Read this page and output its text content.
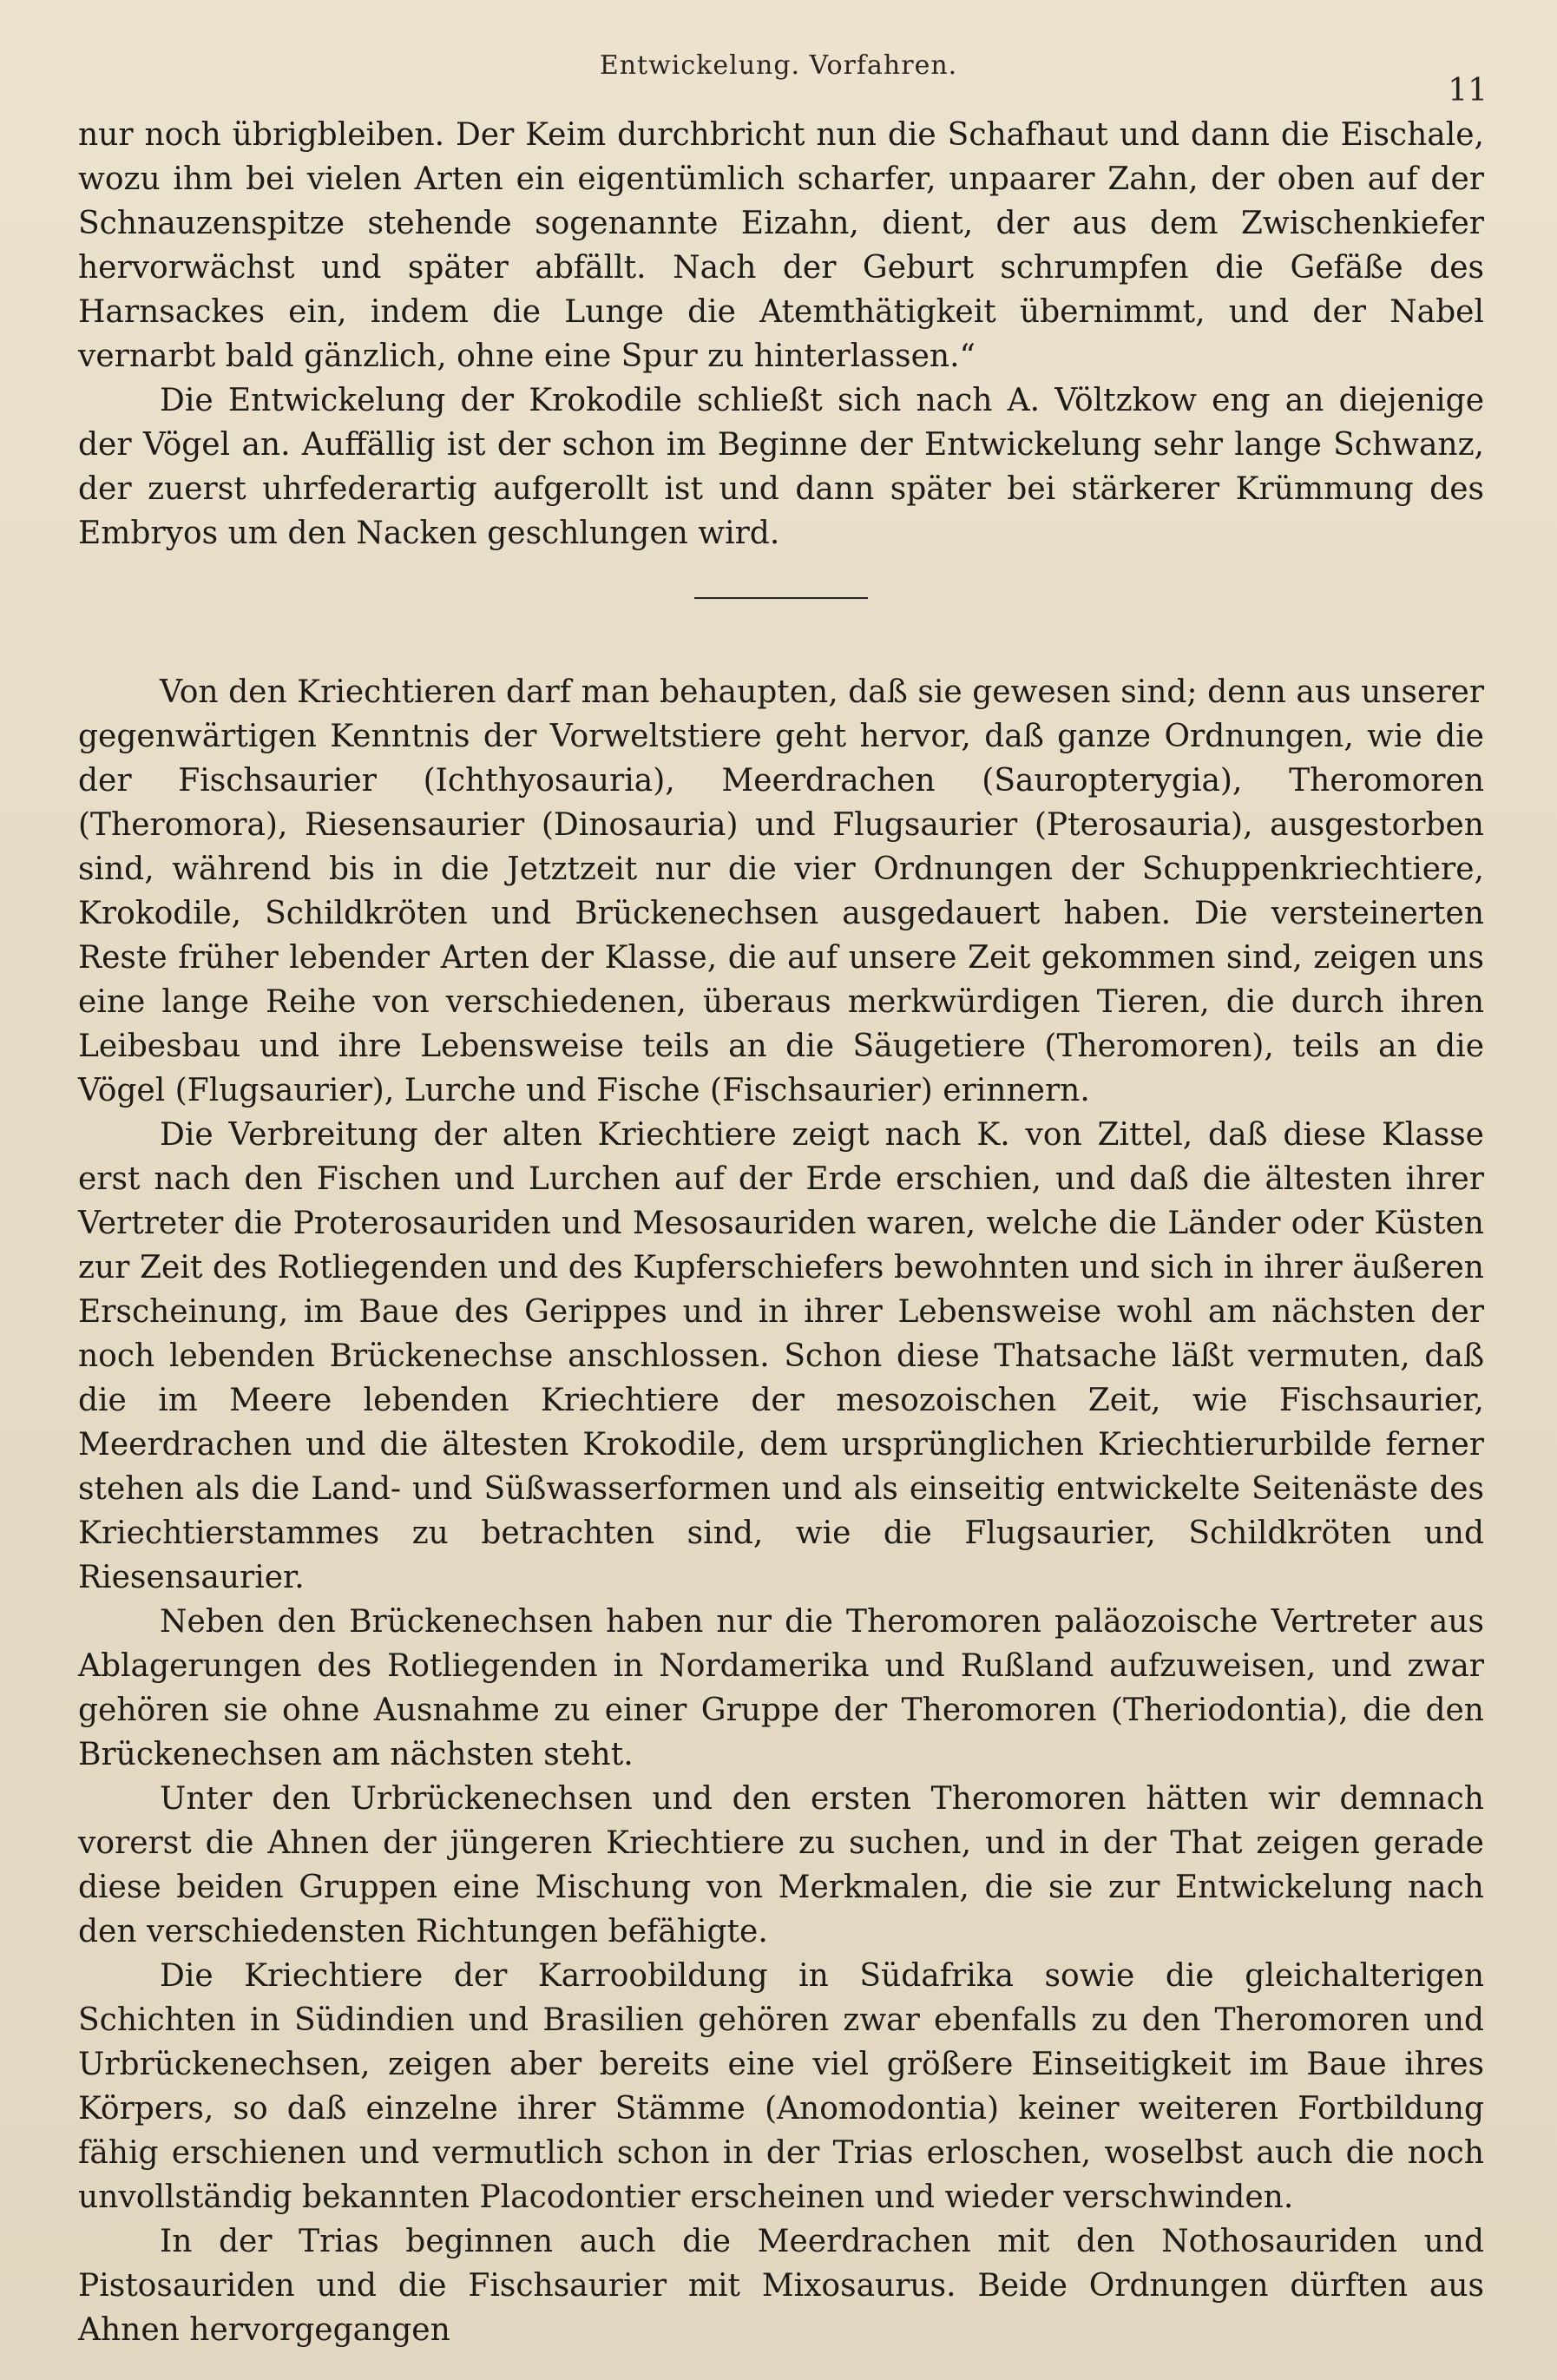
Entwickelung. Vorfahren.
11

nur noch übrigbleiben. Der Keim durchbricht nun die Schafhaut und dann die Eischale, wozu ihm bei vielen Arten ein eigentümlich scharfer, unpaarer Zahn, der oben auf der Schnauzenspitze stehende sogenannte Eizahn, dient, der aus dem Zwischenkiefer hervorwächst und später abfällt. Nach der Geburt schrumpfen die Gefäße des Harnsackes ein, indem die Lunge die Atemthätigkeit übernimmt, und der Nabel vernarbt bald gänzlich, ohne eine Spur zu hinterlassen.“

Die Entwickelung der Krokodile schließt sich nach A. Völtzkow eng an diejenige der Vögel an. Auffällig ist der schon im Beginne der Entwickelung sehr lange Schwanz, der zuerst uhrfederartig aufgerollt ist und dann später bei stärkerer Krümmung des Embryos um den Nacken geschlungen wird.

Von den Kriechtieren darf man behaupten, daß sie gewesen sind; denn aus unserer gegenwärtigen Kenntnis der Vorweltstiere geht hervor, daß ganze Ordnungen, wie die der Fischsaurier (Ichthyosauria), Meerdrachen (Sauropterygia), Theromoren (Theromora), Riesensaurier (Dinosauria) und Flugsaurier (Pterosauria), ausgestorben sind, während bis in die Jetztzeit nur die vier Ordnungen der Schuppenkriechtiere, Krokodile, Schildkröten und Brückenechsen ausgedauert haben. Die versteinerten Reste früher lebender Arten der Klasse, die auf unsere Zeit gekommen sind, zeigen uns eine lange Reihe von verschiedenen, überaus merkwürdigen Tieren, die durch ihren Leibesbau und ihre Lebensweise teils an die Säugetiere (Theromoren), teils an die Vögel (Flugsaurier), Lurche und Fische (Fischsaurier) erinnern.

Die Verbreitung der alten Kriechtiere zeigt nach K. von Zittel, daß diese Klasse erst nach den Fischen und Lurchen auf der Erde erschien, und daß die ältesten ihrer Vertreter die Proterosauriden und Mesosauriden waren, welche die Länder oder Küsten zur Zeit des Rotliegenden und des Kupferschiefers bewohnten und sich in ihrer äußeren Erscheinung, im Baue des Gerippes und in ihrer Lebensweise wohl am nächsten der noch lebenden Brückenechse anschlossen. Schon diese Thatsache läßt vermuten, daß die im Meere lebenden Kriechtiere der mesozoischen Zeit, wie Fischsaurier, Meerdrachen und die ältesten Krokodile, dem ursprünglichen Kriechtierurbilde ferner stehen als die Land- und Süßwasserformen und als einseitig entwickelte Seitenäste des Kriechtierstammes zu betrachten sind, wie die Flugsaurier, Schildkröten und Riesensaurier.

Neben den Brückenechsen haben nur die Theromoren paläozoische Vertreter aus Ablagerungen des Rotliegenden in Nordamerika und Rußland aufzuweisen, und zwar gehören sie ohne Ausnahme zu einer Gruppe der Theromoren (Theriodontia), die den Brückenechsen am nächsten steht.

Unter den Urbrückenechsen und den ersten Theromoren hätten wir demnach vorerst die Ahnen der jüngeren Kriechtiere zu suchen, und in der That zeigen gerade diese beiden Gruppen eine Mischung von Merkmalen, die sie zur Entwickelung nach den verschiedensten Richtungen befähigte.

Die Kriechtiere der Karroobildung in Südafrika sowie die gleichalterigen Schichten in Südindien und Brasilien gehören zwar ebenfalls zu den Theromoren und Urbrückenechsen, zeigen aber bereits eine viel größere Einseitigkeit im Baue ihres Körpers, so daß einzelne ihrer Stämme (Anomodontia) keiner weiteren Fortbildung fähig erschienen und vermutlich schon in der Trias erloschen, woselbst auch die noch unvollständig bekannten Placodontier erscheinen und wieder verschwinden.

In der Trias beginnen auch die Meerdrachen mit den Nothosauriden und Pistosauriden und die Fischsaurier mit Mixosaurus. Beide Ordnungen dürften aus Ahnen hervorgegangen
